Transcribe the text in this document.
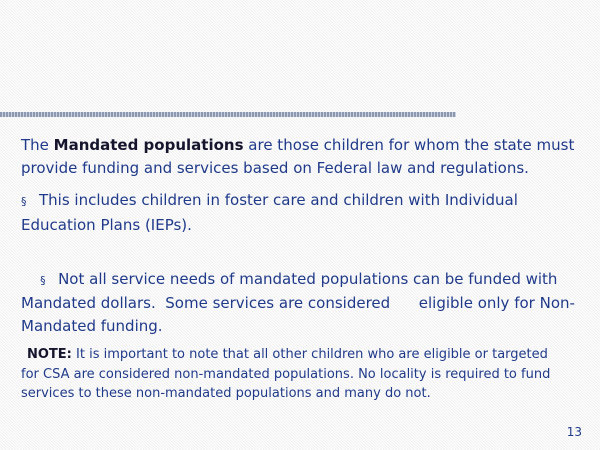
The Mandated populations are those children for whom the state must provide funding and services based on Federal law and regulations.

§ This includes children in foster care and children with Individual Education Plans (IEPs).

§ Not all service needs of mandated populations can be funded with Mandated dollars.  Some services are considered      eligible only for Non-Mandated funding.

NOTE: It is important to note that all other children who are eligible or targeted for CSA are considered non-mandated populations. No locality is required to fund services to these non-mandated populations and many do not.

13
